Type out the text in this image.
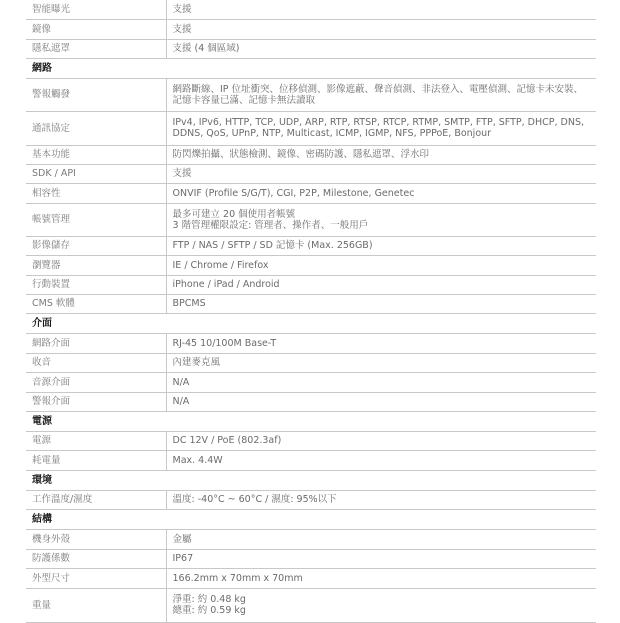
智能曝光	支援
鏡像	支援
隱私遮罩	支援 (4 個區域)
網路	
警報觸發	網路斷線、IP 位址衝突、位移偵測、影像遮蔽、聲音偵測、非法登入、電壓偵測、記憶卡未安裝、記憶卡容量已滿、記憶卡無法讀取
通訊協定	IPv4, IPv6, HTTP, TCP, UDP, ARP, RTP, RTSP, RTCP, RTMP, SMTP, FTP, SFTP, DHCP, DNS, DDNS, QoS, UPnP, NTP, Multicast, ICMP, IGMP, NFS, PPPoE, Bonjour
基本功能	防閃爍拍攝、狀態檢測、鏡像、密碼防護、隱私遮罩、浮水印
SDK / API	支援
相容性	ONVIF (Profile S/G/T), CGI, P2P, Milestone, Genetec
帳號管理	最多可建立 20 個使用者帳號
3 階管理權限設定: 管理者、操作者、一般用戶
影像儲存	FTP / NAS / SFTP / SD 記憶卡 (Max. 256GB)
瀏覽器	IE / Chrome / Firefox
行動裝置	iPhone / iPad / Android
CMS 軟體	BPCMS
介面	
網路介面	RJ-45 10/100M Base-T
收音	內建麥克風
音源介面	N/A
警報介面	N/A
電源	
電源	DC 12V / PoE (802.3af)
耗電量	Max. 4.4W
環境	
工作溫度/濕度	溫度: -40°C ~ 60°C / 濕度: 95%以下
結構	
機身外殼	金屬
防護係數	IP67
外型尺寸	166.2mm x 70mm x 70mm
重量	淨重: 約 0.48 kg
總重: 約 0.59 kg
